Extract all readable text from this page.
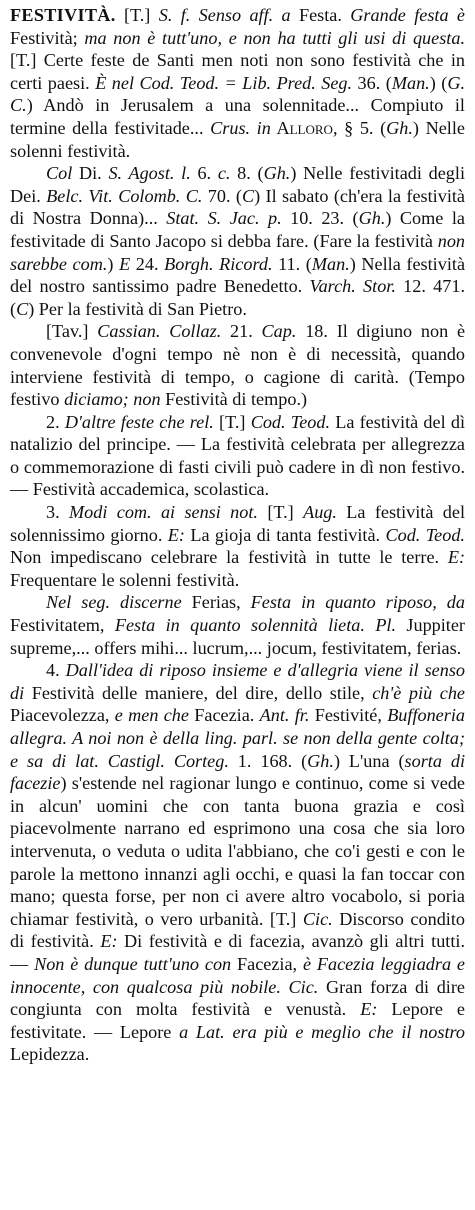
FESTIVITÀ. [T.] S. f. Senso aff. a Festa. Grande festa è Festività; ma non è tutt'uno, e non ha tutti gli usi di questa. [T.] Certe feste de Santi men noti non sono festività che in certi paesi. È nel Cod. Teod. = Lib. Pred. Seg. 36. (Man.) (G. C.) Andò in Jerusalem a una solennitade... Compiuto il termine della festivitade... Crus. in Alloro, § 5. (Gh.) Nelle solenni festività.

Col Di. S. Agost. l. 6. c. 8. (Gh.) Nelle festivitadi degli Dei. Belc. Vit. Colomb. C. 70. (C) Il sabato (ch'era la festività di Nostra Donna)... Stat. S. Jac. p. 10. 23. (Gh.) Come la festivitade di Santo Jacopo si debba fare. (Fare la festività non sarebbe com.) E 24. Borgh. Ricord. 11. (Man.) Nella festività del nostro santissimo padre Benedetto. Varch. Stor. 12. 471. (C) Per la festività di San Pietro.

[Tav.] Cassian. Collaz. 21. Cap. 18. Il digiuno non è convenevole d'ogni tempo nè non è di necessità, quando interviene festività di tempo, o cagione di carità. (Tempo festivo diciamo; non Festività di tempo.)

2. D'altre feste che rel. [T.] Cod. Teod. La festività del dì natalizio del principe. — La festività celebrata per allegrezza o commemorazione di fasti civili può cadere in dì non festivo. — Festività accademica, scolastica.

3. Modi com. ai sensi not. [T.] Aug. La festività del solennissimo giorno. E: La gioja di tanta festività. Cod. Teod. Non impediscano celebrare la festività in tutte le terre. E: Frequentare le solenni festività.

Nel seg. discerne Ferias, Festa in quanto riposo, da Festivitatem, Festa in quanto solennità lieta. Pl. Juppiter supreme,... offers mihi... lucrum,... jocum, festivitatem, ferias.

4. Dall'idea di riposo insieme e d'allegria viene il senso di Festività delle maniere, del dire, dello stile, ch'è più che Piacevolezza, e men che Facezia. Ant. fr. Festivité, Buffoneria allegra. A noi non è della ling. parl. se non della gente colta; e sa di lat. Castigl. Corteg. 1. 168. (Gh.) L'una (sorta di facezie) s'estende nel ragionar lungo e continuo, come si vede in alcun' uomini che con tanta buona grazia e così piacevolmente narrano ed esprimono una cosa che sia loro intervenuta, o veduta o udita l'abbiano, che co'i gesti e con le parole la mettono innanzi agli occhi, e quasi la fan toccar con mano; questa forse, per non ci avere altro vocabolo, si poria chiamar festività, o vero urbanità. [T.] Cic. Discorso condito di festività. E: Di festività e di facezia, avanzò gli altri tutti. — Non è dunque tutt'uno con Facezia, è Facezia leggiadra e innocente, con qualcosa più nobile. Cic. Gran forza di dire congiunta con molta festività e venustà. E: Lepore e festivitate. — Lepore a Lat. era più e meglio che il nostro Lepidezza.
